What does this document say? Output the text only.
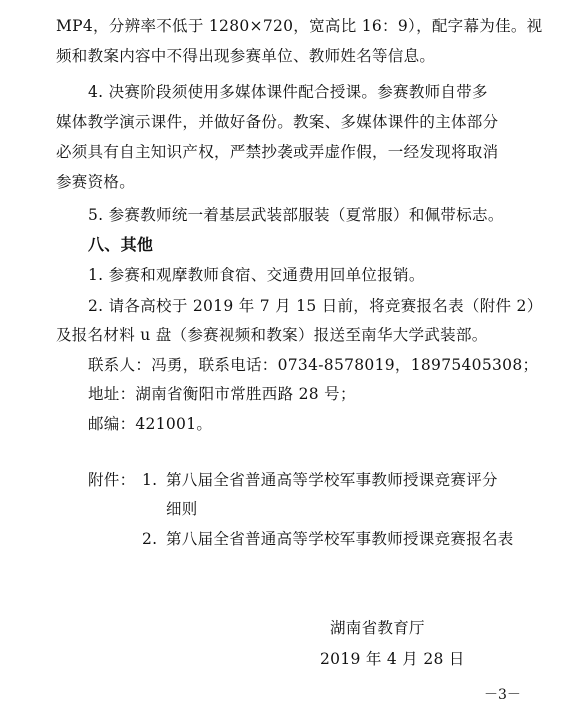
MP4，分辨率不低于 1280×720，宽高比 16：9），配字幕为佳。视
频和教案内容中不得出现参赛单位、教师姓名等信息。
4. 决赛阶段须使用多媒体课件配合授课。参赛教师自带多
媒体教学演示课件，并做好备份。教案、多媒体课件的主体部分
必须具有自主知识产权，严禁抄袭或弄虚作假，一经发现将取消
参赛资格。
5. 参赛教师统一着基层武装部服装（夏常服）和佩带标志。
八、其他
1. 参赛和观摩教师食宿、交通费用回单位报销。
2. 请各高校于 2019 年 7 月 15 日前，将竞赛报名表（附件 2）
及报名材料 u 盘（参赛视频和教案）报送至南华大学武装部。
联系人：冯勇，联系电话：0734-8578019，18975405308；
地址：湖南省衡阳市常胜西路 28 号；
邮编：421001。
附件： 1. 第八届全省普通高等学校军事教师授课竞赛评分
细则
2. 第八届全省普通高等学校军事教师授课竞赛报名表
湖南省教育厅
2019 年 4 月 28 日
－3－
